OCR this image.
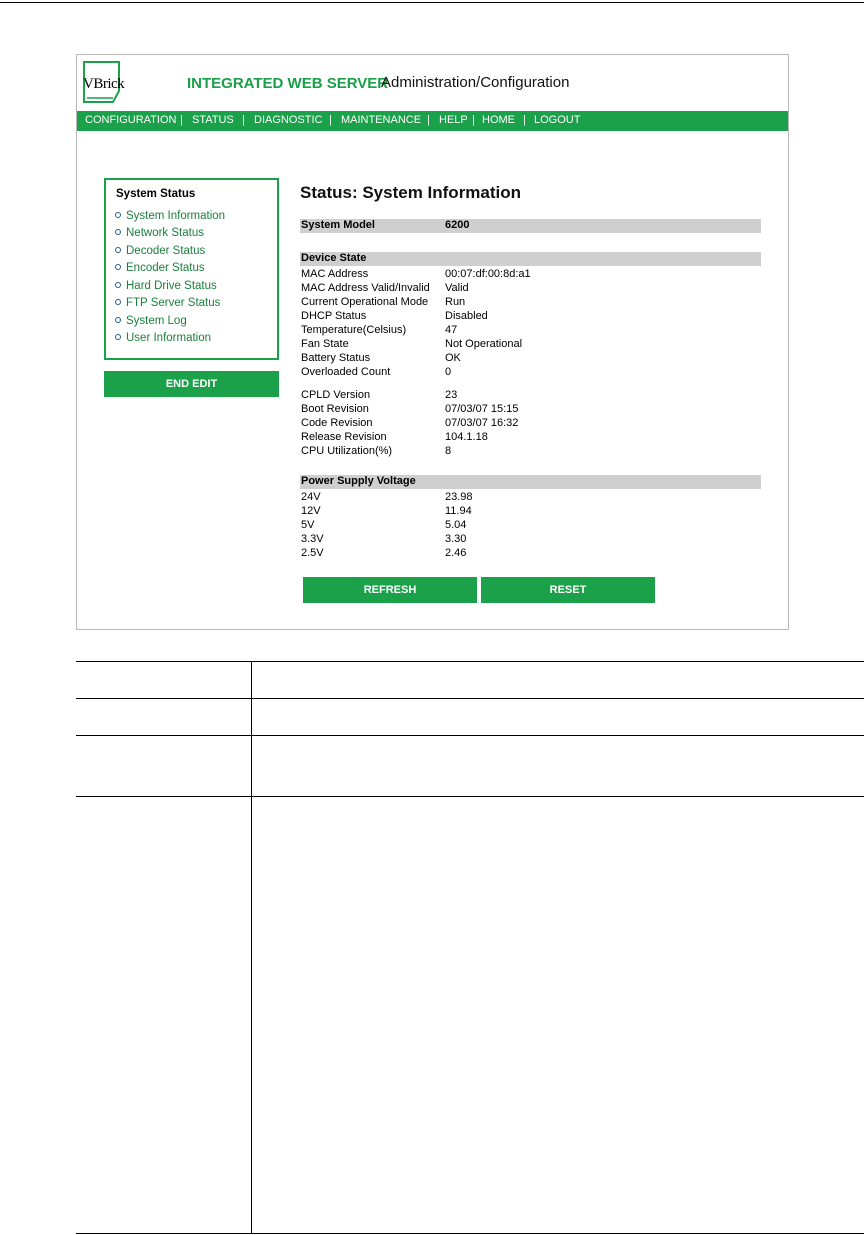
VBrick	INTEGRATED WEB SERVER
Administration/Configuration
CONFIGURATION | STATUS | DIAGNOSTIC | MAINTENANCE | HELP | HOME | LOGOUT
System Status
System Information
Network Status
Decoder Status
Encoder Status
Hard Drive Status
FTP Server Status
System Log
User Information
END EDIT
Status: System Information
System Model	6200
Device State
MAC Address	00:07:df:00:8d:a1
MAC Address Valid/Invalid Valid
Current Operational Mode Run
DHCP Status	Disabled
Temperature(Celsius)	47
Fan State	Not Operational
Battery Status	OK
Overloaded Count	0
CPLD Version	23
Boot Revision	07/03/07 15:15
Code Revision	07/03/07 16:32
Release Revision	104.1.18
CPU Utilization(%)	8
Power Supply Voltage
24V	23.98
12V	11.94
5V	5.04
3.3V	3.30
2.5V	2.46
REFRESH	RESET
